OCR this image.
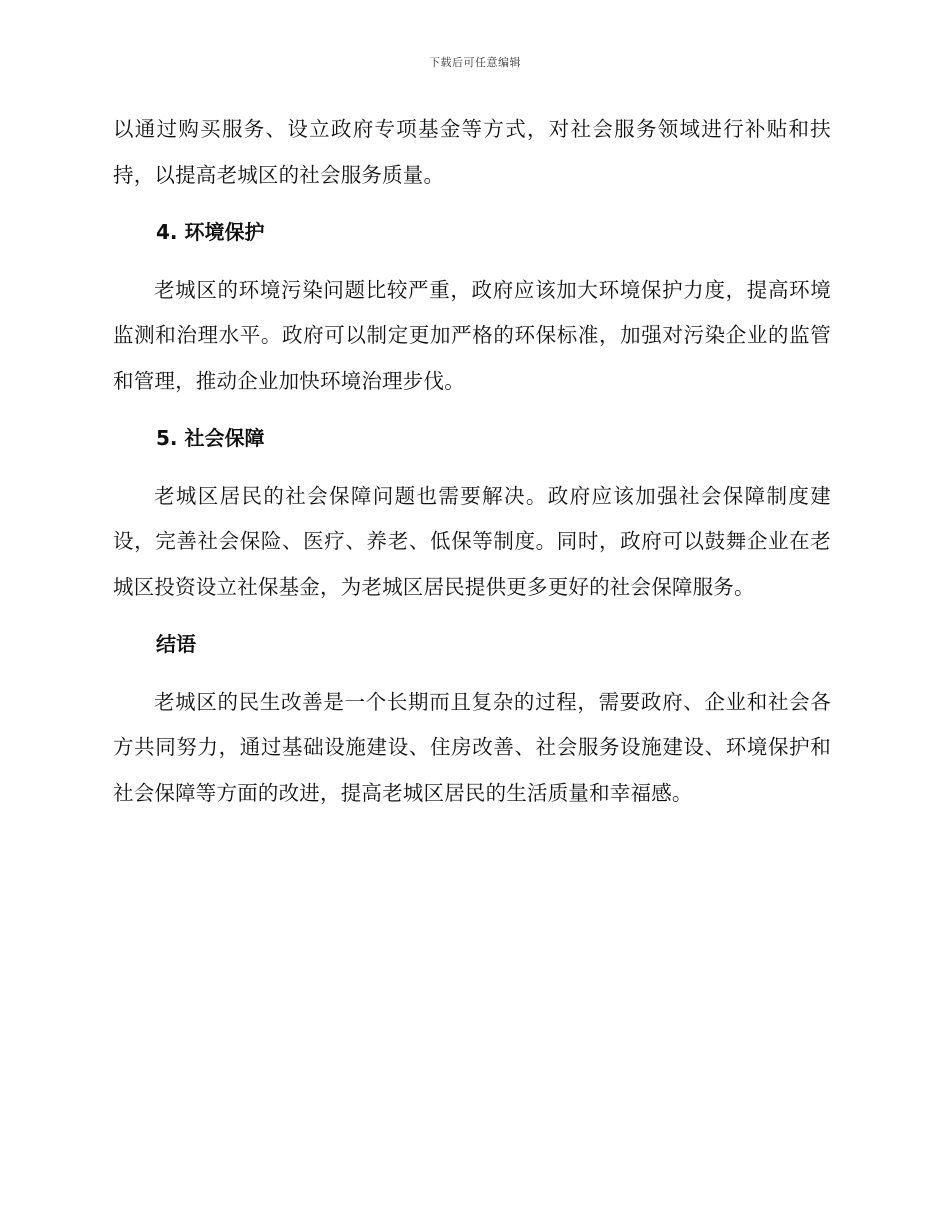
下载后可任意编辑

以通过购买服务、设立政府专项基金等方式，对社会服务领域进行补贴和扶持，以提高老城区的社会服务质量。

4. 环境保护

老城区的环境污染问题比较严重，政府应该加大环境保护力度，提高环境监测和治理水平。政府可以制定更加严格的环保标准，加强对污染企业的监管和管理，推动企业加快环境治理步伐。

5. 社会保障

老城区居民的社会保障问题也需要解决。政府应该加强社会保障制度建设，完善社会保险、医疗、养老、低保等制度。同时，政府可以鼓舞企业在老城区投资设立社保基金，为老城区居民提供更多更好的社会保障服务。

结语

老城区的民生改善是一个长期而且复杂的过程，需要政府、企业和社会各方共同努力，通过基础设施建设、住房改善、社会服务设施建设、环境保护和社会保障等方面的改进，提高老城区居民的生活质量和幸福感。
